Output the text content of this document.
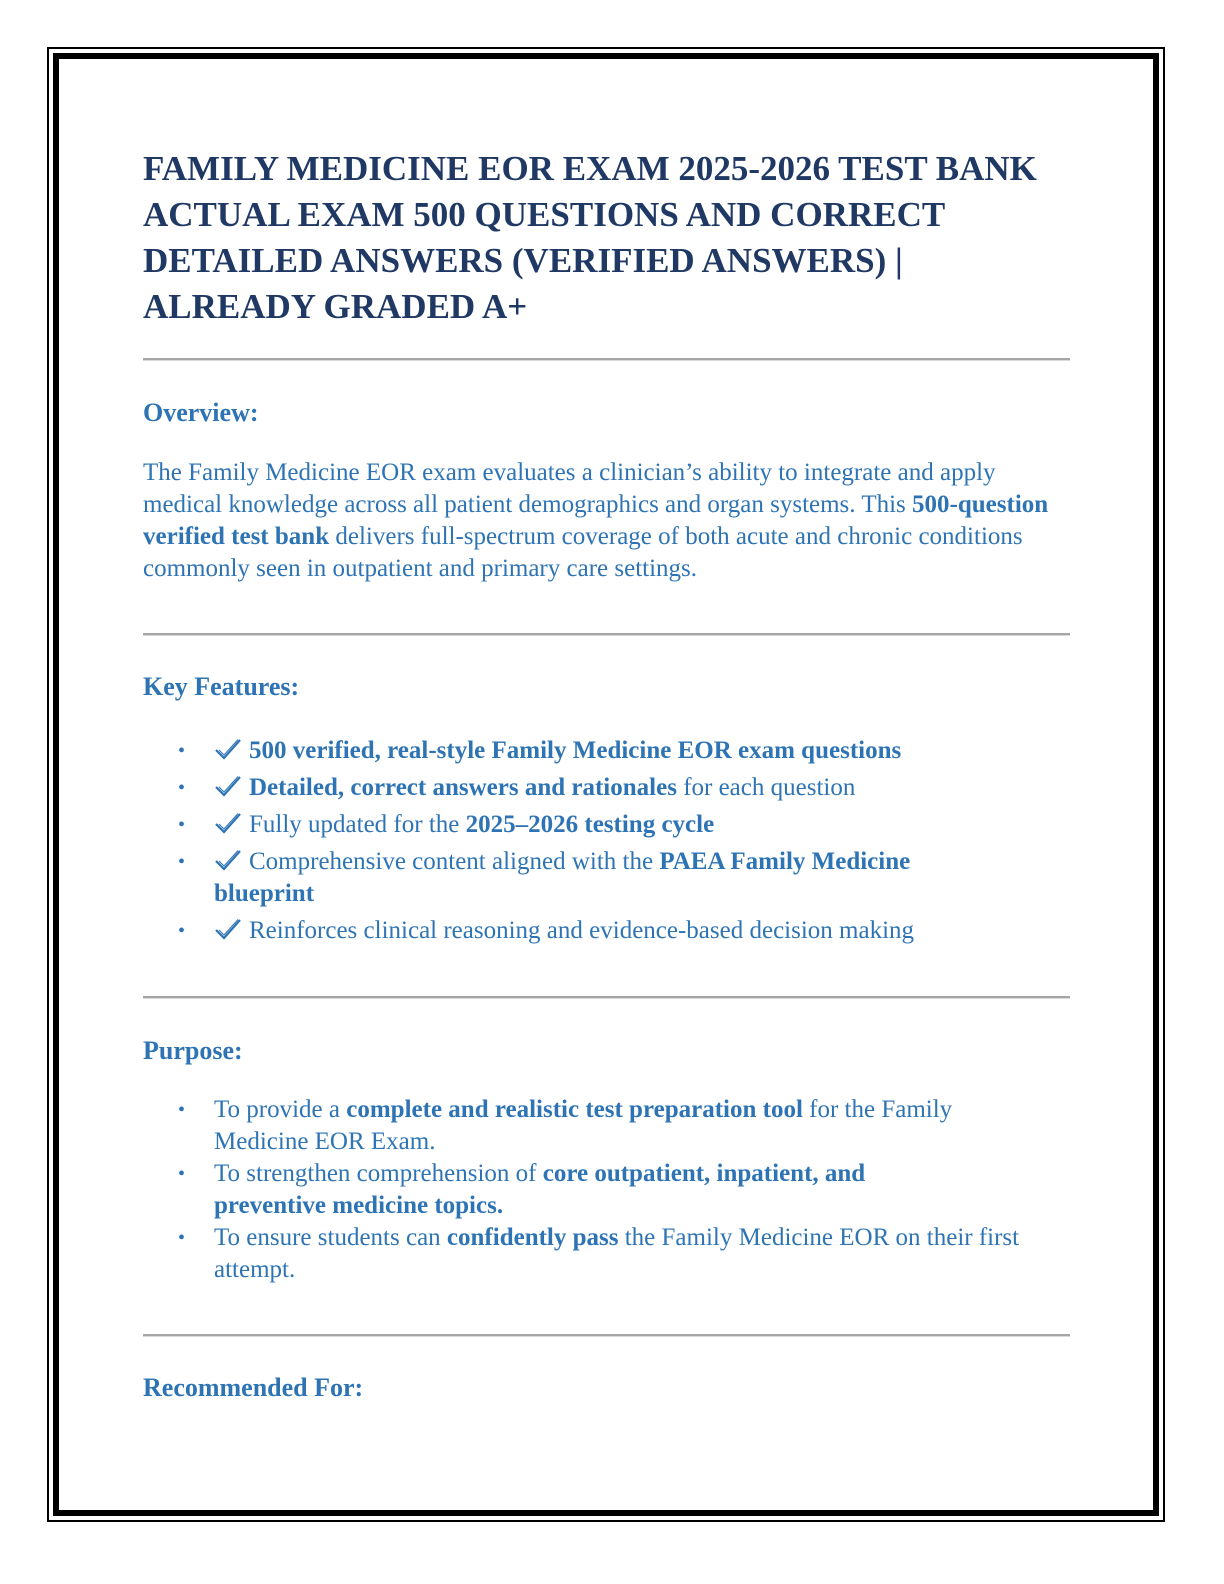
FAMILY MEDICINE EOR EXAM 2025-2026 TEST BANK ACTUAL EXAM 500 QUESTIONS AND CORRECT DETAILED ANSWERS (VERIFIED ANSWERS) | ALREADY GRADED A+
Overview:

The Family Medicine EOR exam evaluates a clinician’s ability to integrate and apply medical knowledge across all patient demographics and organ systems. This 500-question verified test bank delivers full-spectrum coverage of both acute and chronic conditions commonly seen in outpatient and primary care settings.

Key Features:
•	500 verified, real-style Family Medicine EOR exam questions
•	Detailed, correct answers and rationales for each question
•	Fully updated for the 2025–2026 testing cycle
•	Comprehensive content aligned with the PAEA Family Medicine blueprint
•	Reinforces clinical reasoning and evidence-based decision making
Purpose:
• To provide a complete and realistic test preparation tool for the Family Medicine EOR Exam.
• To strengthen comprehension of core outpatient, inpatient, and preventive medicine topics.
• To ensure students can confidently pass the Family Medicine EOR on their first attempt.
Recommended For:
